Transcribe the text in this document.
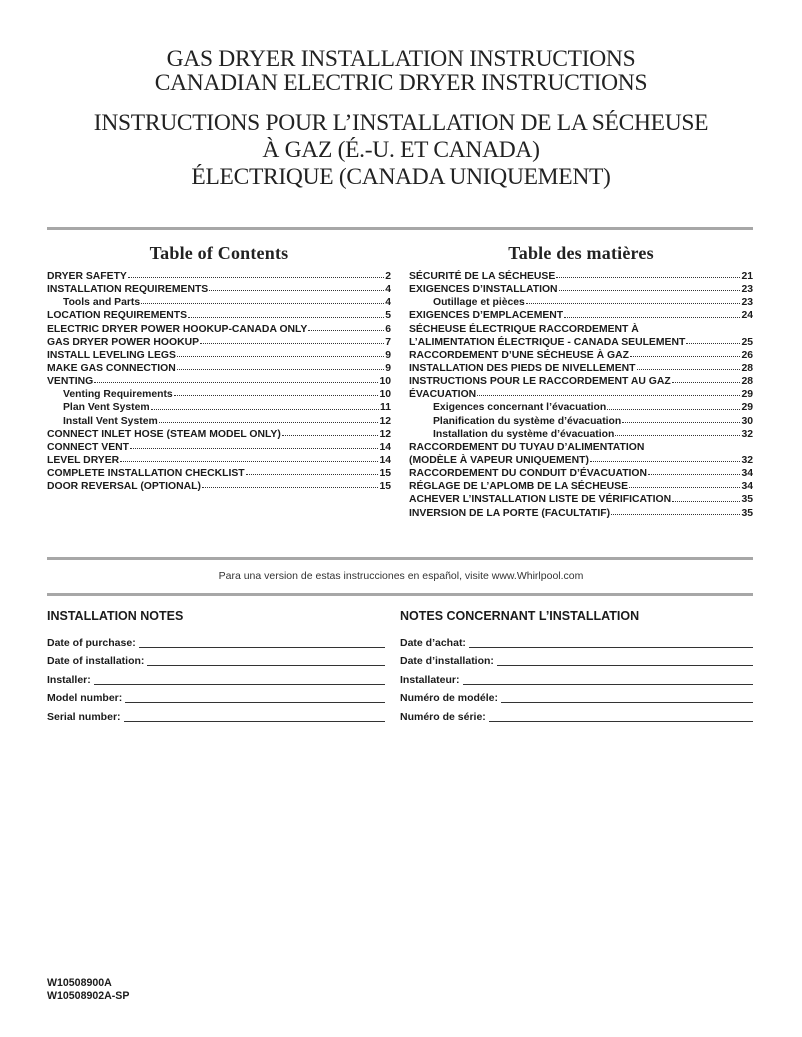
GAS DRYER INSTALLATION INSTRUCTIONS
CANADIAN ELECTRIC DRYER INSTRUCTIONS
INSTRUCTIONS POUR L’INSTALLATION DE LA SÉCHEUSE
À GAZ (É.-U. ET CANADA)
ÉLECTRIQUE (CANADA UNIQUEMENT)
Table of Contents
DRYER SAFETY	2
INSTALLATION REQUIREMENTS	4
Tools and Parts	4
LOCATION REQUIREMENTS	5
ELECTRIC DRYER POWER HOOKUP-CANADA ONLY	6
GAS DRYER POWER HOOKUP	7
INSTALL LEVELING LEGS	9
MAKE GAS CONNECTION	9
VENTING	10
Venting Requirements	10
Plan Vent System	11
Install Vent System	12
CONNECT INLET HOSE (STEAM MODEL ONLY)	12
CONNECT VENT	14
LEVEL DRYER	14
COMPLETE INSTALLATION CHECKLIST	15
DOOR REVERSAL (OPTIONAL)	15
Table des matières
SÉCURITÉ DE LA SÉCHEUSE	21
EXIGENCES D’INSTALLATION	23
Outillage et pièces	23
EXIGENCES D’EMPLACEMENT	24
SÉCHEUSE ÉLECTRIQUE RACCORDEMENT À
L’ALIMENTATION ÉLECTRIQUE - CANADA SEULEMENT	25
RACCORDEMENT D’UNE SÉCHEUSE À GAZ	26
INSTALLATION DES PIEDS DE NIVELLEMENT	28
INSTRUCTIONS POUR LE RACCORDEMENT AU GAZ	28
ÉVACUATION	29
Exigences concernant l’évacuation	29
Planification du système d’évacuation	30
Installation du système d’évacuation	32
RACCORDEMENT DU TUYAU D’ALIMENTATION
(MODÈLE À VAPEUR UNIQUEMENT)	32
RACCORDEMENT DU CONDUIT D’ÉVACUATION	34
RÉGLAGE DE L’APLOMB DE LA SÉCHEUSE	34
ACHEVER L’INSTALLATION LISTE DE VÉRIFICATION	35
INVERSION DE LA PORTE (FACULTATIF)	35
Para una version de estas instrucciones en español, visite www.Whirlpool.com
INSTALLATION NOTES
Date of purchase:
Date of installation:
Installer:
Model number:
Serial number:
NOTES CONCERNANT L’INSTALLATION
Date d’achat:
Date d’installation:
Installateur:
Numéro de modéle:
Numéro de série:
W10508900A
W10508902A-SP
